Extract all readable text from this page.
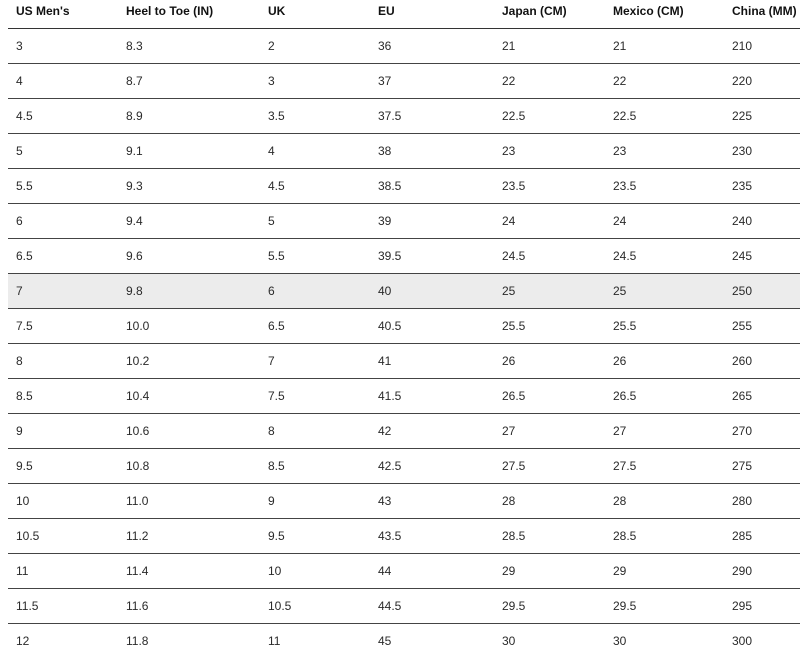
US Men's	Heel to Toe (IN)	UK	EU	Japan (CM)	Mexico (CM)	China (MM)
3	8.3	2	36	21	21	210
4	8.7	3	37	22	22	220
4.5	8.9	3.5	37.5	22.5	22.5	225
5	9.1	4	38	23	23	230
5.5	9.3	4.5	38.5	23.5	23.5	235
6	9.4	5	39	24	24	240
6.5	9.6	5.5	39.5	24.5	24.5	245
7	9.8	6	40	25	25	250
7.5	10.0	6.5	40.5	25.5	25.5	255
8	10.2	7	41	26	26	260
8.5	10.4	7.5	41.5	26.5	26.5	265
9	10.6	8	42	27	27	270
9.5	10.8	8.5	42.5	27.5	27.5	275
10	11.0	9	43	28	28	280
10.5	11.2	9.5	43.5	28.5	28.5	285
11	11.4	10	44	29	29	290
11.5	11.6	10.5	44.5	29.5	29.5	295
12	11.8	11	45	30	30	300
